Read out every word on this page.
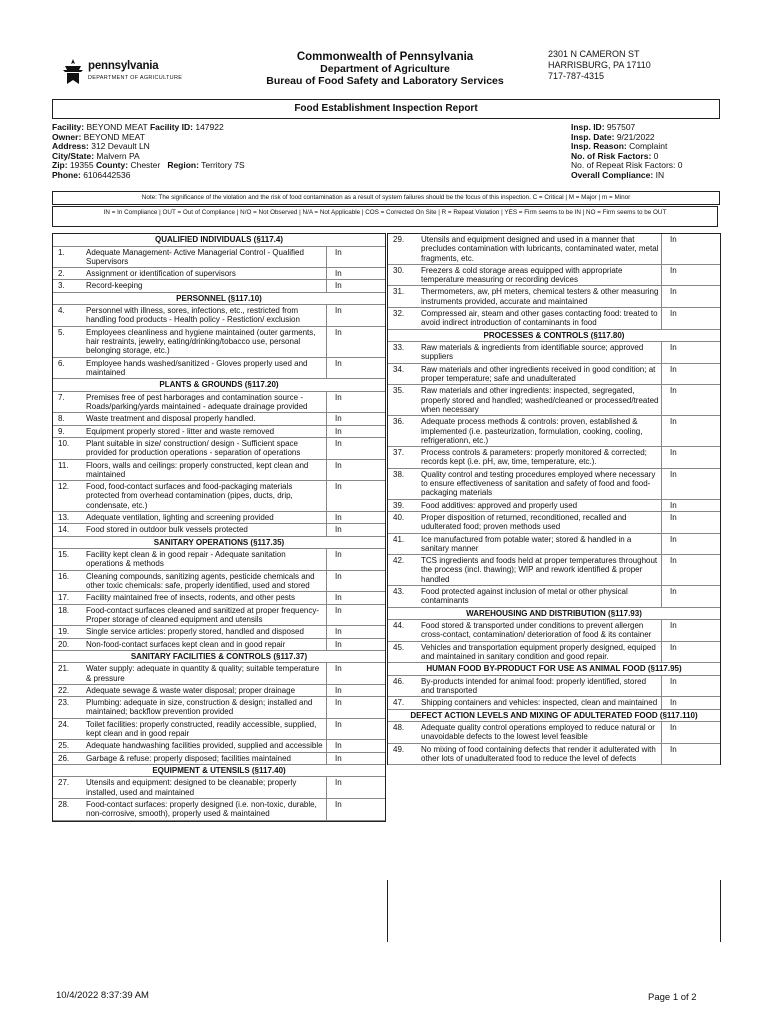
pennsylvania
DEPARTMENT OF AGRICULTURE
Commonwealth of Pennsylvania
Department of Agriculture
Bureau of Food Safety and Laboratory Services
2301 N CAMERON ST
HARRISBURG, PA 17110
717-787-4315
Food Establishment Inspection Report
Facility: BEYOND MEAT Facility ID: 147922
Owner: BEYOND MEAT
Address: 312 Devault LN
City/State: Malvern PA
Zip: 19355 County: Chester Region: Territory 7S
Phone: 6106442536
Insp. ID: 957507
Insp. Date: 9/21/2022
Insp. Reason: Complaint
No. of Risk Factors: 0
No. of Repeat Risk Factors: 0
Overall Compliance: IN
Note: The significance of the violation and the risk of food contamination as a result of system failures should be the focus of this inspection. C = Critical | M = Major | m = Minor
IN = In Compliance | OUT = Out of Compliance | N/O = Not Observed | N/A = Not Applicable | COS = Corrected On Site | R = Repeat Violation | YES = Firm seems to be IN | NO = Firm seems to be OUT
QUALIFIED INDIVIDUALS (§117.4)
1.	Adequate Management- Active Managerial Control - Qualified Supervisors
In
2.	Assignment or identification of supervisors	In
3.	Record-keeping	In
PERSONNEL (§117.10)
4.	Personnel with illness, sores, infections, etc., restricted from handling food products - Health policy - Restiction/ exclusion
In
5.	Employees cleanliness and hygiene maintained (outer garments, hair restraints, jewelry, eating/drinking/tobacco use, personal belonging storage, etc.)
In
6.	Employee hands washed/sanitized - Gloves properly used and maintained
In
PLANTS & GROUNDS (§117.20)
7.	Premises free of pest harborages and contamination source - Roads/parking/yards maintained - adequate drainage provided
In
8.	Waste treatment and disposal properly handled.	In
9.	Equipment properly stored - litter and waste removed	In
10.	Plant suitable in size/ construction/ design - Sufficient space provided for production operations - separation of operations
In
11.	Floors, walls and ceilings: properly constructed, kept clean and maintained
In
12.	Food, food-contact surfaces and food-packaging materials protected from overhead contamination (pipes, ducts, drip, condensate, etc.)
In
13.	Adequate ventilation, lighting and screening provided	In
14.	Food stored in outdoor bulk vessels protected	In
SANITARY OPERATIONS (§117.35)
15.	Facility kept clean & in good repair - Adequate sanitation operations & methods
In
16.	Cleaning compounds, sanitizing agents, pesticide chemicals and other toxic chemicals: safe, properly identified, used and stored
In
17.	Facility maintained free of insects, rodents, and other pests	In
18.	Food-contact surfaces cleaned and sanitized at proper frequency- Proper storage of cleaned equipment and utensils
In
19.	Single service articles: properly stored, handled and disposed	In
20.	Non-food-contact surfaces kept clean and in good repair	In
SANITARY FACILITIES & CONTROLS (§117.37)
21.	Water supply: adequate in quantity & quality; suitable temperature & pressure
In
22.	Adequate sewage & waste water disposal; proper drainage	In
23.	Plumbing: adequate in size, construction & design; installed and maintained; backflow prevention provided
In
24.	Toilet facilities: properly constructed, readily accessible, supplied, kept clean and in good repair
In
25.	Adequate handwashing facilities provided, supplied and accessible	In
26.	Garbage & refuse: properly disposed; facilities maintained	In
EQUIPMENT & UTENSILS (§117.40)
27.	Utensils and equipment: designed to be cleanable; properly installed, used and maintained
In
28.	Food-contact surfaces: properly designed (i.e. non-toxic, durable, non-corrosive, smooth), properly used & maintained
In
29.	Utensils and equipment designed and used in a manner that precludes contamination with lubricants, contaminated water, metal fragments, etc.
In
30.	Freezers & cold storage areas equipped with appropriate temperature measuring or recording devices
In
31.	Thermometers, aw, pH meters, chemical testers & other measuring instruments provided, accurate and maintained
In
32.	Compressed air, steam and other gases contacting food: treated to avoid indirect introduction of contaminants in food
In
PROCESSES & CONTROLS (§117.80)
33.	Raw materials & ingredients from identifiable source; approved suppliers
In
34.	Raw materials and other ingredients received in good condition; at proper temperature; safe and unadulterated
In
35.	Raw materials and other ingredients: inspected, segregated, properly stored and handled; washed/cleaned or processed/treated when necessary
In
36.	Adequate process methods & controls: proven, established & implemented (i.e. pasteurization, formulation, cooking, cooling, refrigerationn, etc.)
In
37.	Process controls & parameters: properly monitored & corrected; records kept (i.e. pH, aw, time, temperature, etc.).
In
38.	Quality control and testing procedures employed where necessary to ensure effectiveness of sanitation and safety of food and food-packaging materials
In
39.	Food additives: approved and properly used	In
40.	Proper disposition of returned, reconditioned, recalled and udulterated food; proven methods used
In
41.	Ice manufactured from potable water; stored & handled in a sanitary manner
In
42.	TCS ingredients and foods held at proper temperatures throughout the process (incl. thawing); WIP and rework identified & proper handled
In
43.	Food protected against inclusion of metal or other physical contaminants
In
WAREHOUSING AND DISTRIBUTION (§117.93)
44.	Food stored & transported under conditions to prevent allergen cross-contact, contamination/ deterioration of food & its container
In
45.	Vehicles and transportation equipment properly designed, equiped and maintained in sanitary condition and good repair.
In
HUMAN FOOD BY-PRODUCT FOR USE AS ANIMAL FOOD (§117.95)
46.	By-products intended for animal food: properly identified, stored and transported
In
47.	Shipping containers and vehicles: inspected, clean and maintained	In
DEFECT ACTION LEVELS AND MIXING OF ADULTERATED FOOD (§117.110)
48.	Adequate quality control operations employed to reduce natural or unavoidable defects to the lowest level feasible
In
49.	No mixing of food containing defects that render it adulterated with other lots of unadulterated food to reduce the level of defects
In
10/4/2022 8:37:39 AM	Page 1 of 2
